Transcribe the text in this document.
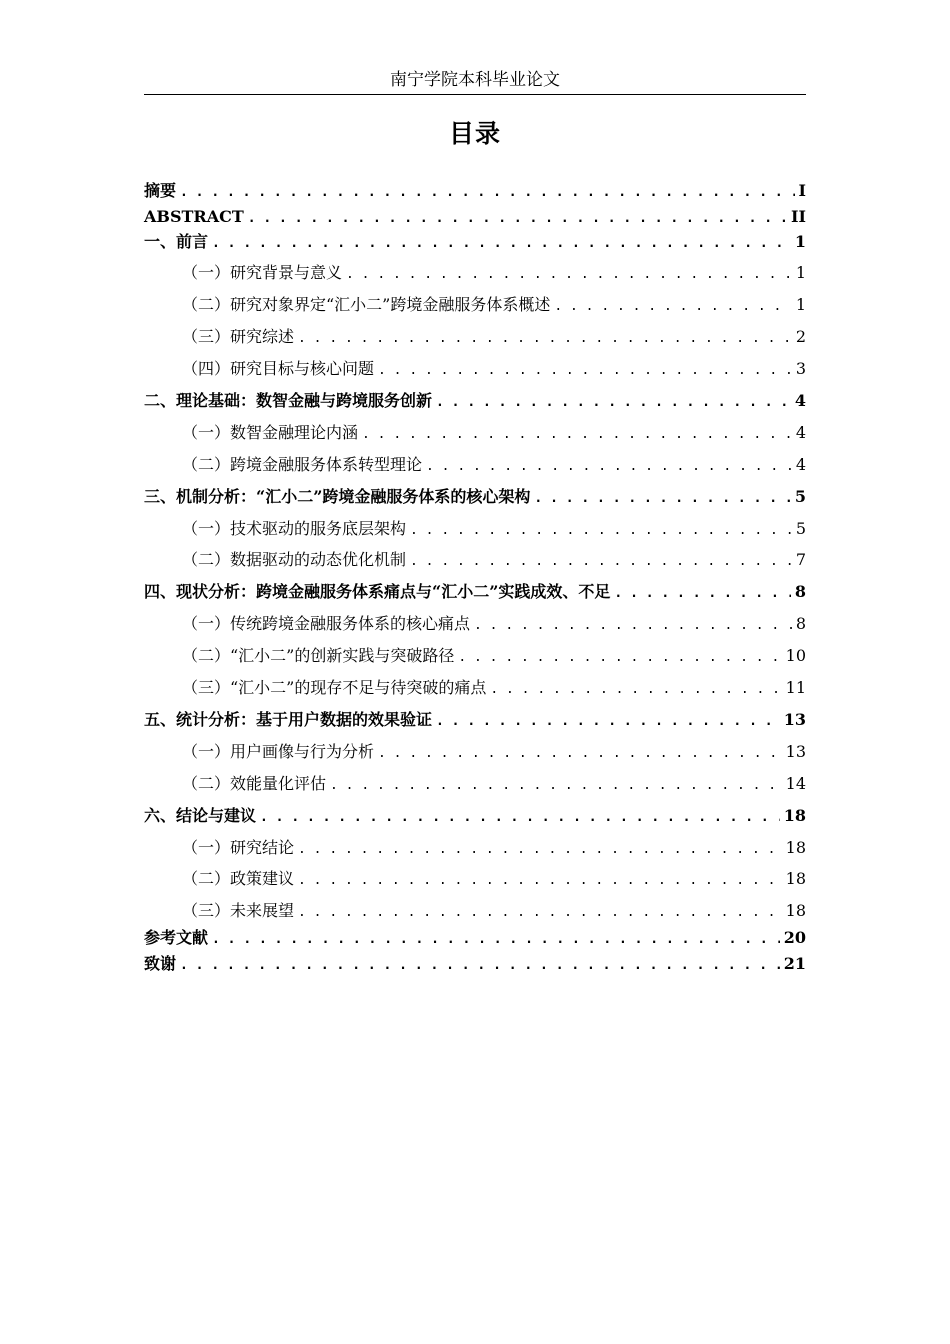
南宁学院本科毕业论文
目录
摘要 . . .	I
ABSTRACT . . .	II
一、前言 . . .	1
（一）研究背景与意义 . . .	1
（二）研究对象界定“汇小二”跨境金融服务体系概述 . . .	1
（三）研究综述 . . .	2
（四）研究目标与核心问题 . . .	3
二、理论基础：数智金融与跨境服务创新 . . .	4
（一）数智金融理论内涵 . . .	4
（二）跨境金融服务体系转型理论 . . .	4
三、机制分析：“汇小二”跨境金融服务体系的核心架构 . . .	5
（一）技术驱动的服务底层架构 . . .	5
（二）数据驱动的动态优化机制 . . .	7
四、现状分析：跨境金融服务体系痛点与“汇小二”实践成效、不足 . . .	8
（一）传统跨境金融服务体系的核心痛点 . . .	8
（二）“汇小二”的创新实践与突破路径 . . .	10
（三）“汇小二”的现存不足与待突破的痛点 . . .	11
五、统计分析：基于用户数据的效果验证 . . .	13
（一）用户画像与行为分析 . . .	13
（二）效能量化评估 . . .	14
六、结论与建议 . . .	18
（一）研究结论 . . .	18
（二）政策建议 . . .	18
（三）未来展望 . . .	18
参考文献 . . .	20
致谢 . . .	21
